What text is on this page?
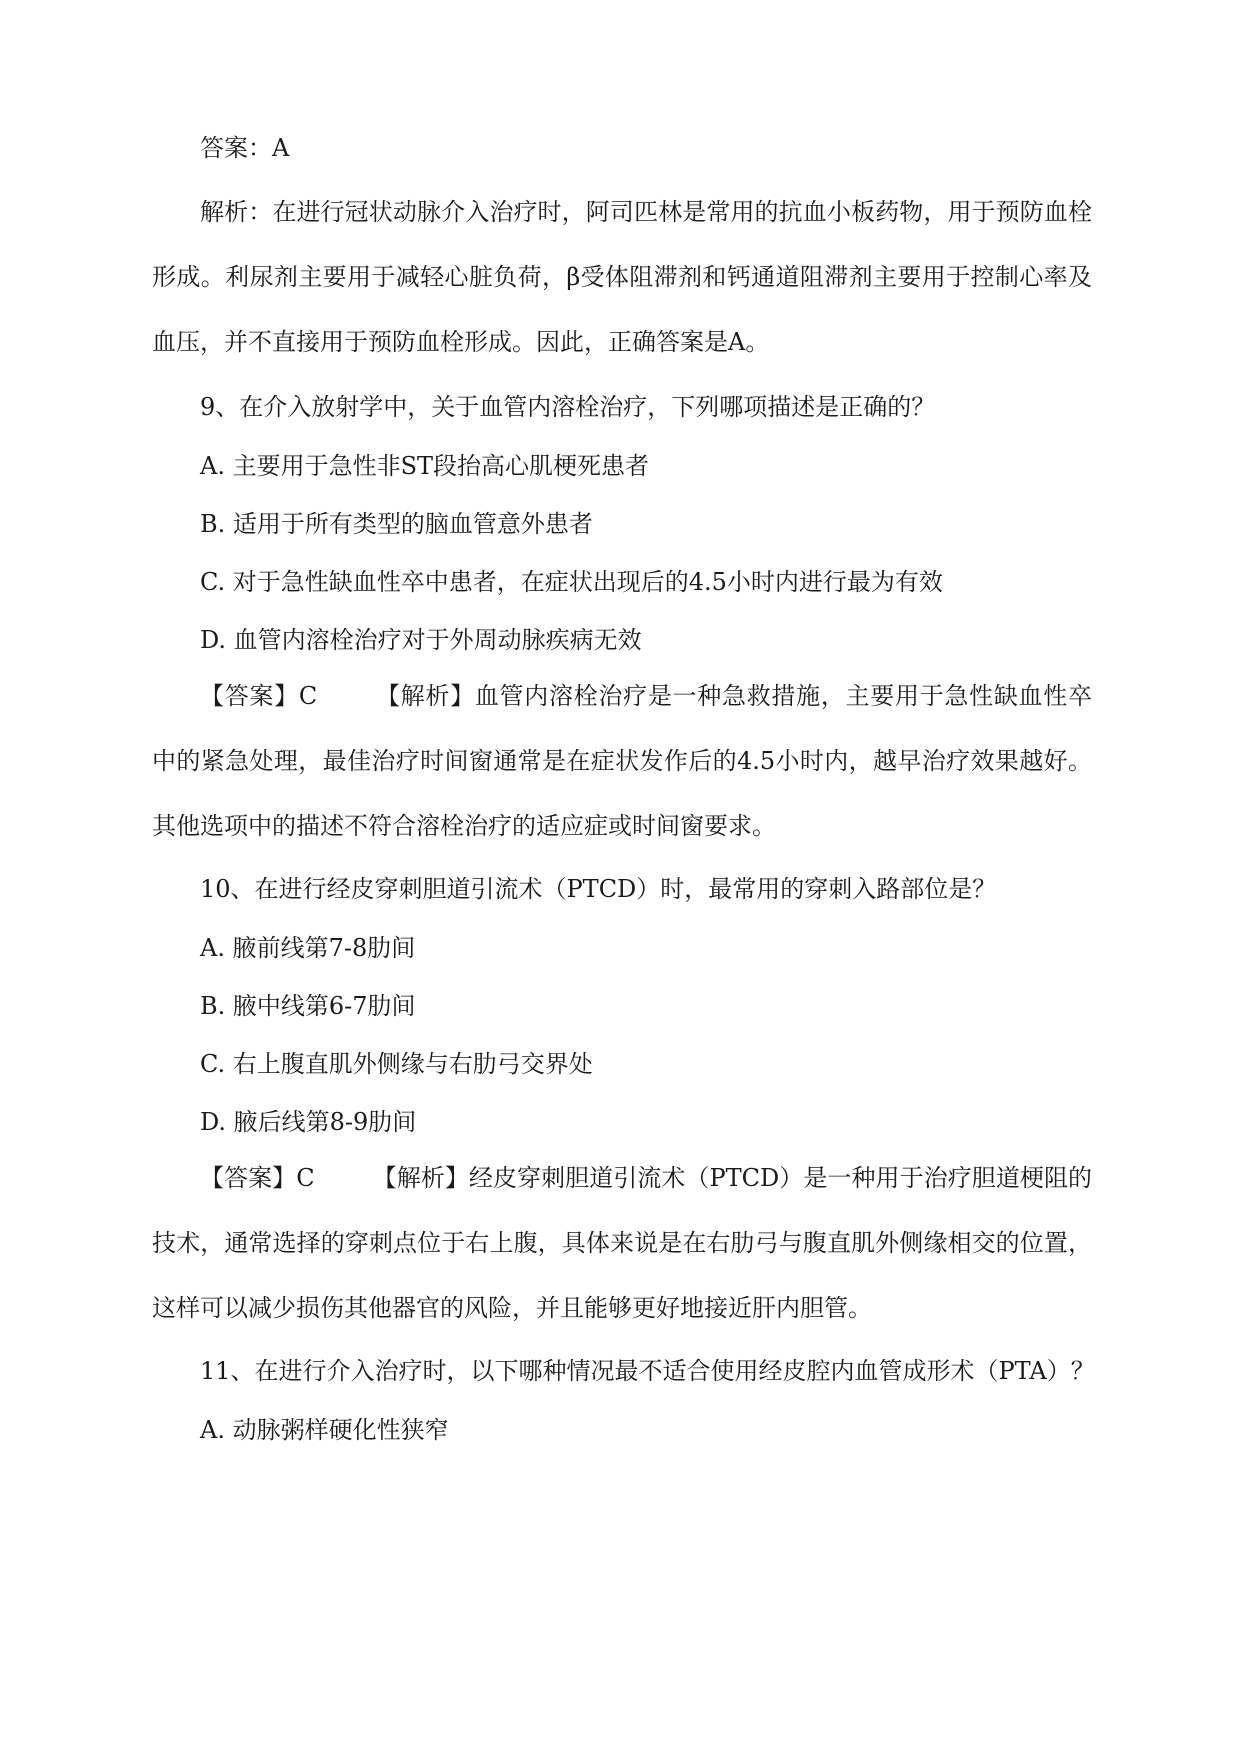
答案：A

解析：在进行冠状动脉介入治疗时，阿司匹林是常用的抗血小板药物，用于预防血栓形成。利尿剂主要用于减轻心脏负荷，β受体阻滞剂和钙通道阻滞剂主要用于控制心率及血压，并不直接用于预防血栓形成。因此，正确答案是A。

9、在介入放射学中，关于血管内溶栓治疗，下列哪项描述是正确的？

A. 主要用于急性非ST段抬高心肌梗死患者

B. 适用于所有类型的脑血管意外患者

C. 对于急性缺血性卒中患者，在症状出现后的4.5小时内进行最为有效

D. 血管内溶栓治疗对于外周动脉疾病无效

【答案】C 【解析】血管内溶栓治疗是一种急救措施，主要用于急性缺血性卒中的紧急处理，最佳治疗时间窗通常是在症状发作后的4.5小时内，越早治疗效果越好。其他选项中的描述不符合溶栓治疗的适应症或时间窗要求。

10、在进行经皮穿刺胆道引流术（PTCD）时，最常用的穿刺入路部位是？

A. 腋前线第7-8肋间

B. 腋中线第6-7肋间

C. 右上腹直肌外侧缘与右肋弓交界处

D. 腋后线第8-9肋间

【答案】C 【解析】经皮穿刺胆道引流术（PTCD）是一种用于治疗胆道梗阻的技术，通常选择的穿刺点位于右上腹，具体来说是在右肋弓与腹直肌外侧缘相交的位置，这样可以减少损伤其他器官的风险，并且能够更好地接近肝内胆管。

11、在进行介入治疗时，以下哪种情况最不适合使用经皮腔内血管成形术（PTA）？

A. 动脉粥样硬化性狭窄
